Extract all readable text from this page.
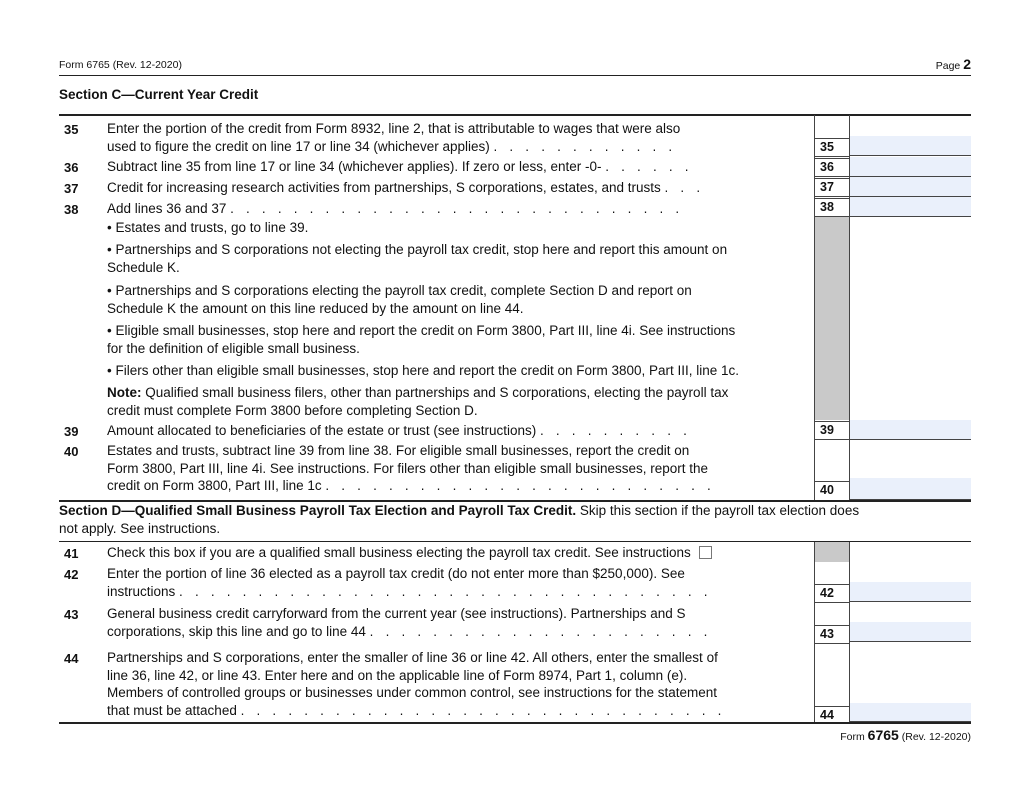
Form 6765 (Rev. 12-2020)	Page 2
Section C—Current Year Credit
35 Enter the portion of the credit from Form 8932, line 2, that is attributable to wages that were also
used to figure the credit on line 17 or line 34 (whichever applies) . . . . . . . . . . . .	35
36 Subtract line 35 from line 17 or line 34 (whichever applies). If zero or less, enter -0- . . . . . .	36
37 Credit for increasing research activities from partnerships, S corporations, estates, and trusts . . .	37
38 Add lines 36 and 37 . . . . . . . . . . . . . . . . . . . . . . . . . . . . .	38
• Estates and trusts, go to line 39.
• Partnerships and S corporations not electing the payroll tax credit, stop here and report this amount on
Schedule K.
• Partnerships and S corporations electing the payroll tax credit, complete Section D and report on
Schedule K the amount on this line reduced by the amount on line 44.
• Eligible small businesses, stop here and report the credit on Form 3800, Part III, line 4i. See instructions
for the definition of eligible small business.
• Filers other than eligible small businesses, stop here and report the credit on Form 3800, Part III, line 1c.
Note: Qualified small business filers, other than partnerships and S corporations, electing the payroll tax
credit must complete Form 3800 before completing Section D.
39 Amount allocated to beneficiaries of the estate or trust (see instructions) . . . . . . . . . .	39
40 Estates and trusts, subtract line 39 from line 38. For eligible small businesses, report the credit on
Form 3800, Part III, line 4i. See instructions. For filers other than eligible small businesses, report the
credit on Form 3800, Part III, line 1c . . . . . . . . . . . . . . . . . . . . . . . . .	40
Section D—Qualified Small Business Payroll Tax Election and Payroll Tax Credit. Skip this section if the payroll tax election does
not apply. See instructions.
41 Check this box if you are a qualified small business electing the payroll tax credit. See instructions
42 Enter the portion of line 36 elected as a payroll tax credit (do not enter more than $250,000). See
instructions . . . . . . . . . . . . . . . . . . . . . . . . . . . . . . . . . .	42
43 General business credit carryforward from the current year (see instructions). Partnerships and S
corporations, skip this line and go to line 44 . . . . . . . . . . . . . . . . . . . . . .	43
44 Partnerships and S corporations, enter the smaller of line 36 or line 42. All others, enter the smallest of
line 36, line 42, or line 43. Enter here and on the applicable line of Form 8974, Part 1, column (e).
Members of controlled groups or businesses under common control, see instructions for the statement
that must be attached . . . . . . . . . . . . . . . . . . . . . . . . . . . . . . .	44
Form 6765 (Rev. 12-2020)
